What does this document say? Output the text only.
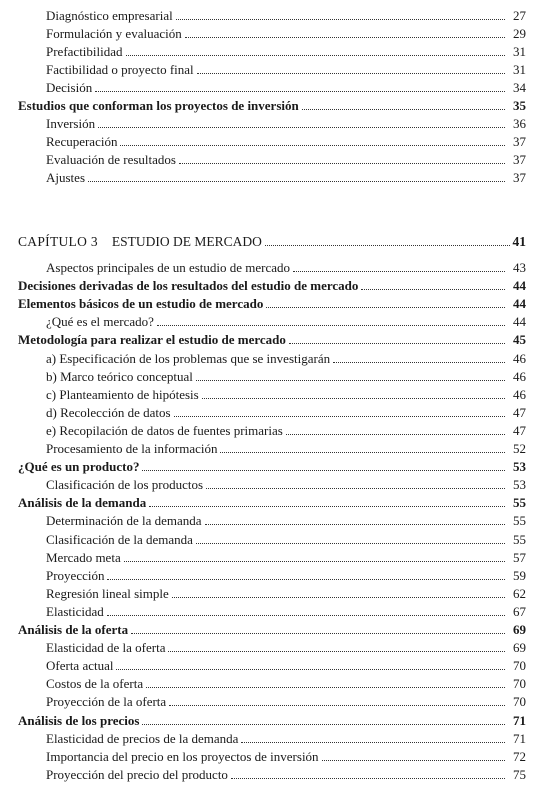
Diagnóstico empresarial	27
Formulación y evaluación	29
Prefactibilidad	31
Factibilidad o proyecto final	31
Decisión	34
Estudios que conforman los proyectos de inversión	35
Inversión	36
Recuperación	37
Evaluación de resultados	37
Ajustes	37
CAPÍTULO 3 ESTUDIO DE MERCADO	41
Aspectos principales de un estudio de mercado	43
Decisiones derivadas de los resultados del estudio de mercado	44
Elementos básicos de un estudio de mercado	44
¿Qué es el mercado?	44
Metodología para realizar el estudio de mercado	45
a) Especificación de los problemas que se investigarán	46
b) Marco teórico conceptual	46
c) Planteamiento de hipótesis	46
d) Recolección de datos	47
e) Recopilación de datos de fuentes primarias	47
Procesamiento de la información	52
¿Qué es un producto?	53
Clasificación de los productos	53
Análisis de la demanda	55
Determinación de la demanda	55
Clasificación de la demanda	55
Mercado meta	57
Proyección	59
Regresión lineal simple	62
Elasticidad	67
Análisis de la oferta	69
Elasticidad de la oferta	69
Oferta actual	70
Costos de la oferta	70
Proyección de la oferta	70
Análisis de los precios	71
Elasticidad de precios de la demanda	71
Importancia del precio en los proyectos de inversión	72
Proyección del precio del producto	75
